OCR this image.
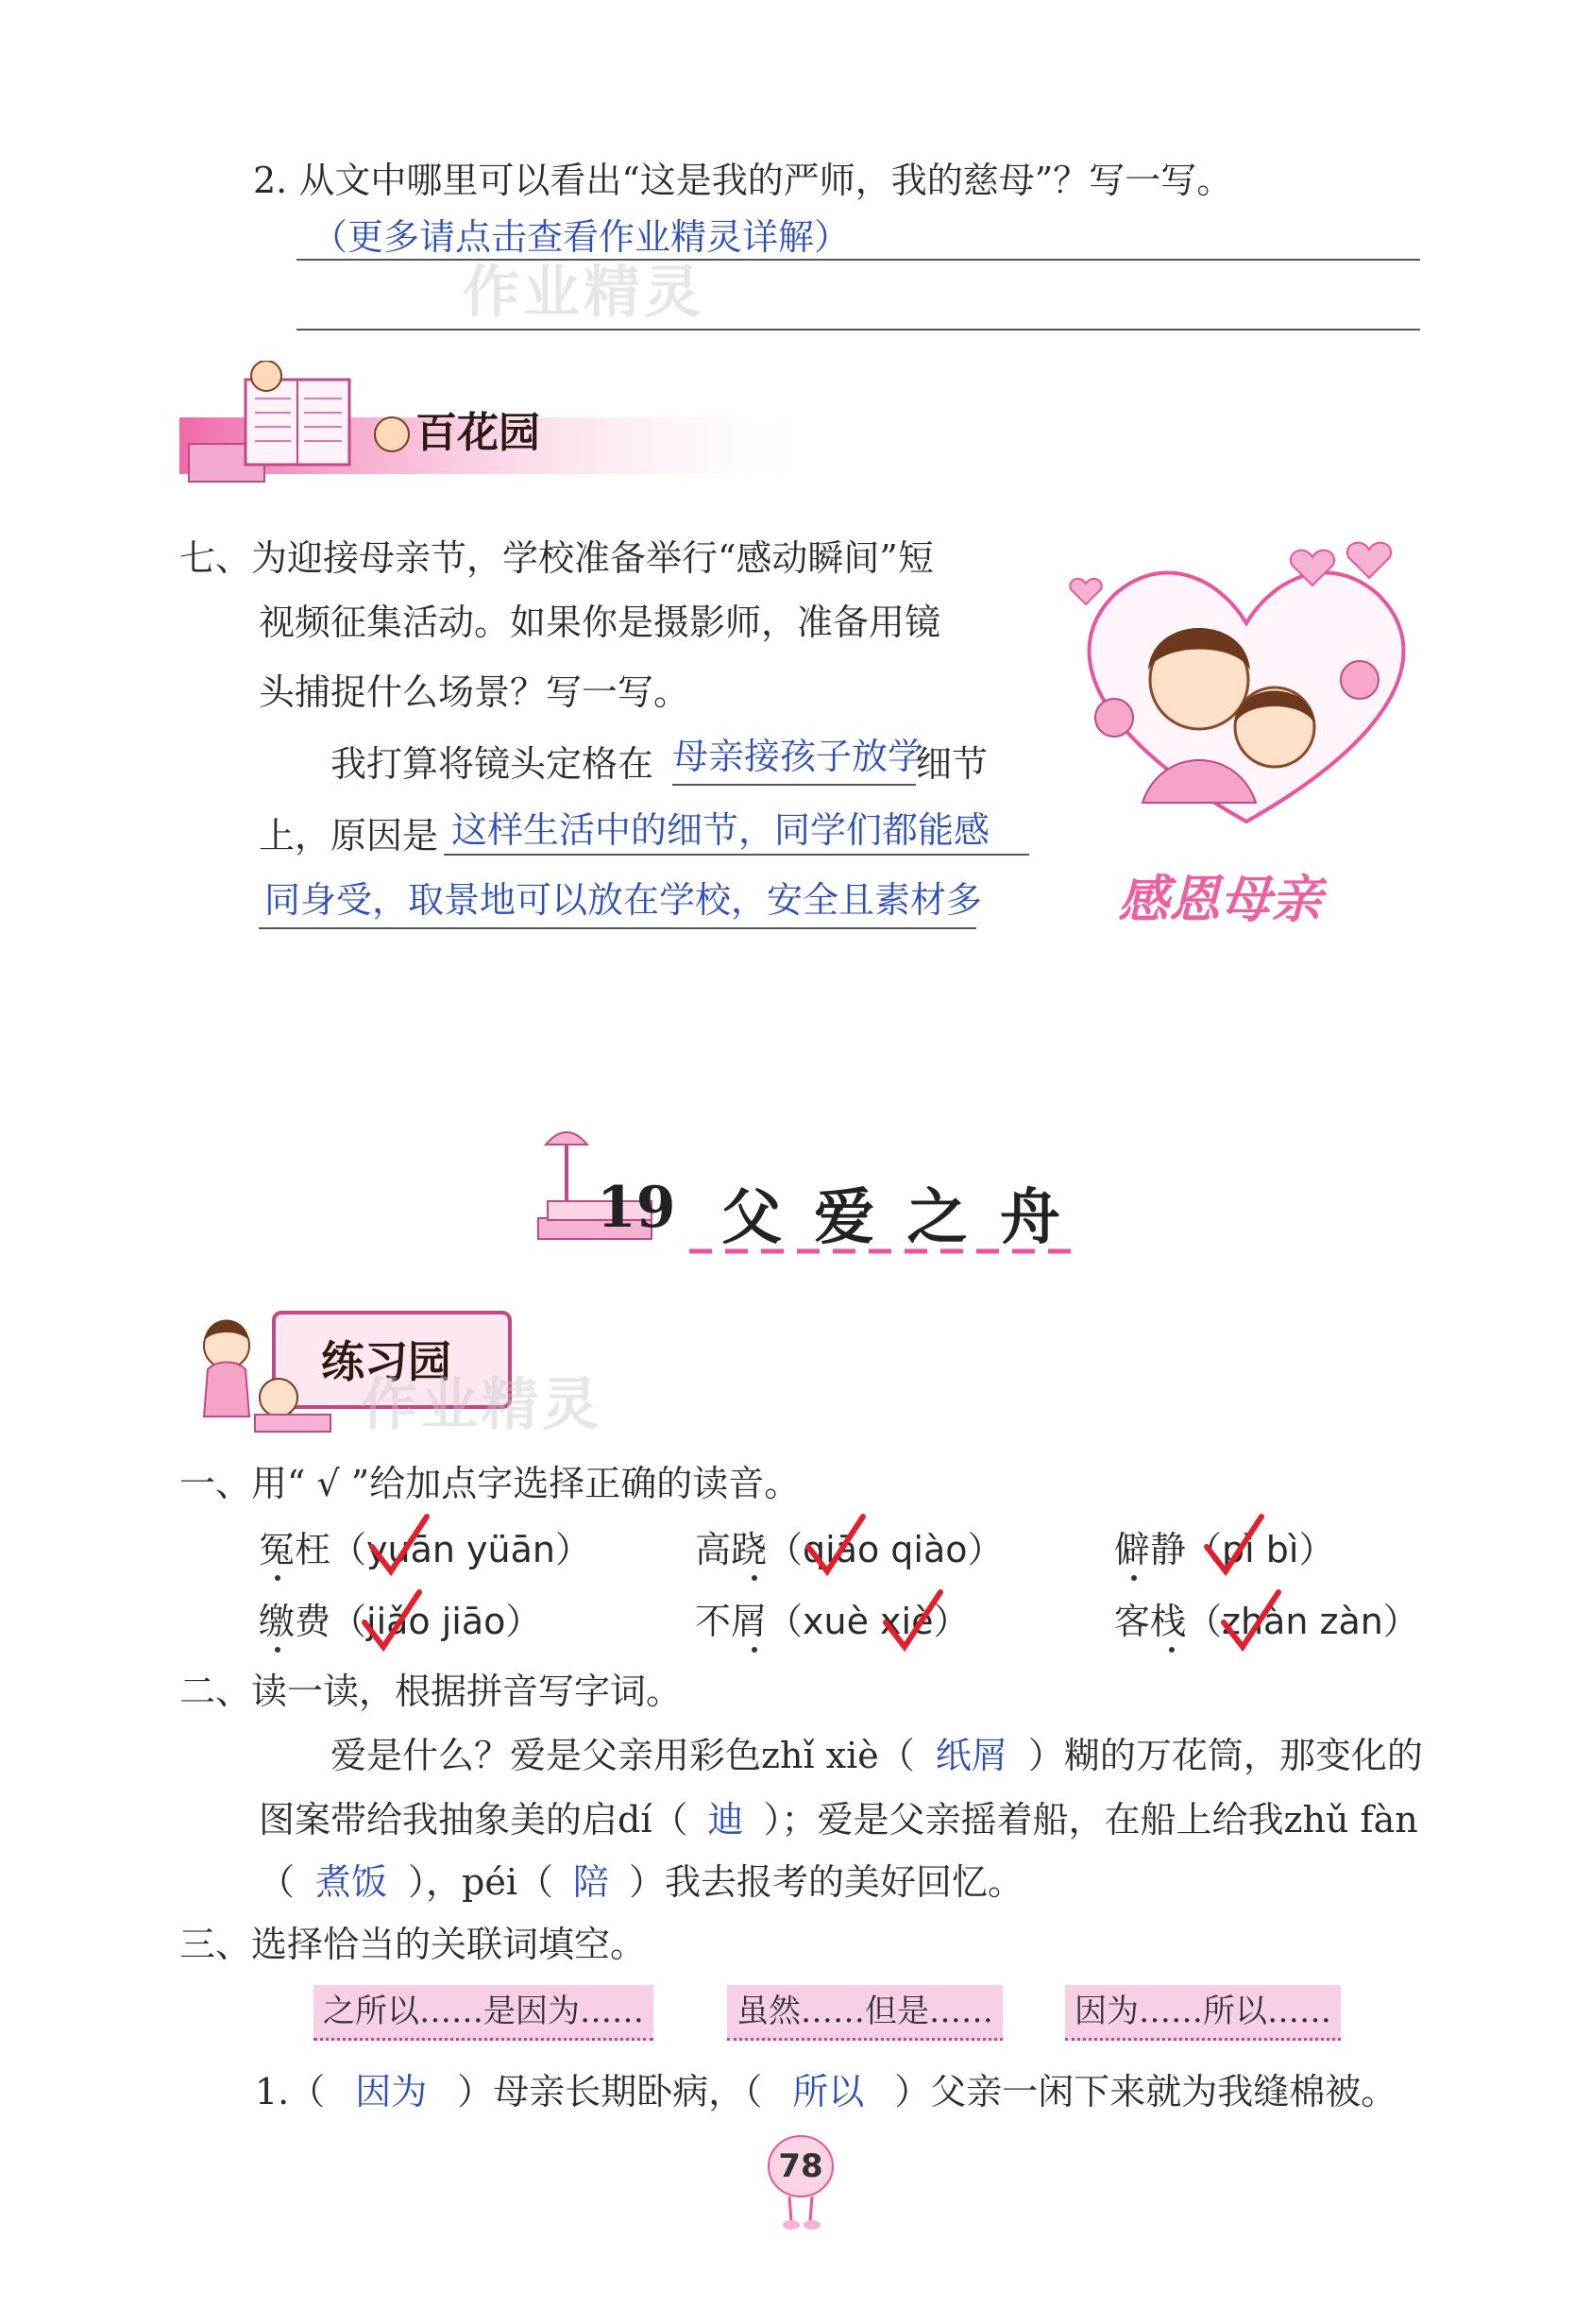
2. 从文中哪里可以看出“这是我的严师，我的慈母”？写一写。
（更多请点击查看作业精灵详解）
作业精灵
百花园
七、为迎接母亲节，学校准备举行“感动瞬间”短
视频征集活动。如果你是摄影师，准备用镜
头捕捉什么场景？写一写。
我打算将镜头定格在 母亲接孩子放学
细节
上，原因是 这样生活中的细节，同学们都能感
同身受，取景地可以放在学校，安全且素材多	感恩母亲
19 父 爱 之 舟
练习园
作业精灵
一、用“ √ ”给加点字选择正确的读音。
冤枉（yuān yüān）	高跷（qiāo qiào）	僻静（pì bì）
缴费（jiǎo jiāo）	不屑（xuè xiè）	客栈（zhàn zàn）
二、读一读，根据拼音写字词。
爱是什么？爱是父亲用彩色zhǐ xiè（ 纸屑 ）糊的万花筒，那变化的
图案带给我抽象美的启dí（ 迪 ）；爱是父亲摇着船，在船上给我zhǔ fàn
（ 煮饭 ），péi（ 陪 ）我去报考的美好回忆。
三、选择恰当的关联词填空。
之所以……是因为……	虽然……但是……	因为……所以……
1.（ 因为 ）母亲长期卧病，（ 所以 ）父亲一闲下来就为我缝棉被。
78
